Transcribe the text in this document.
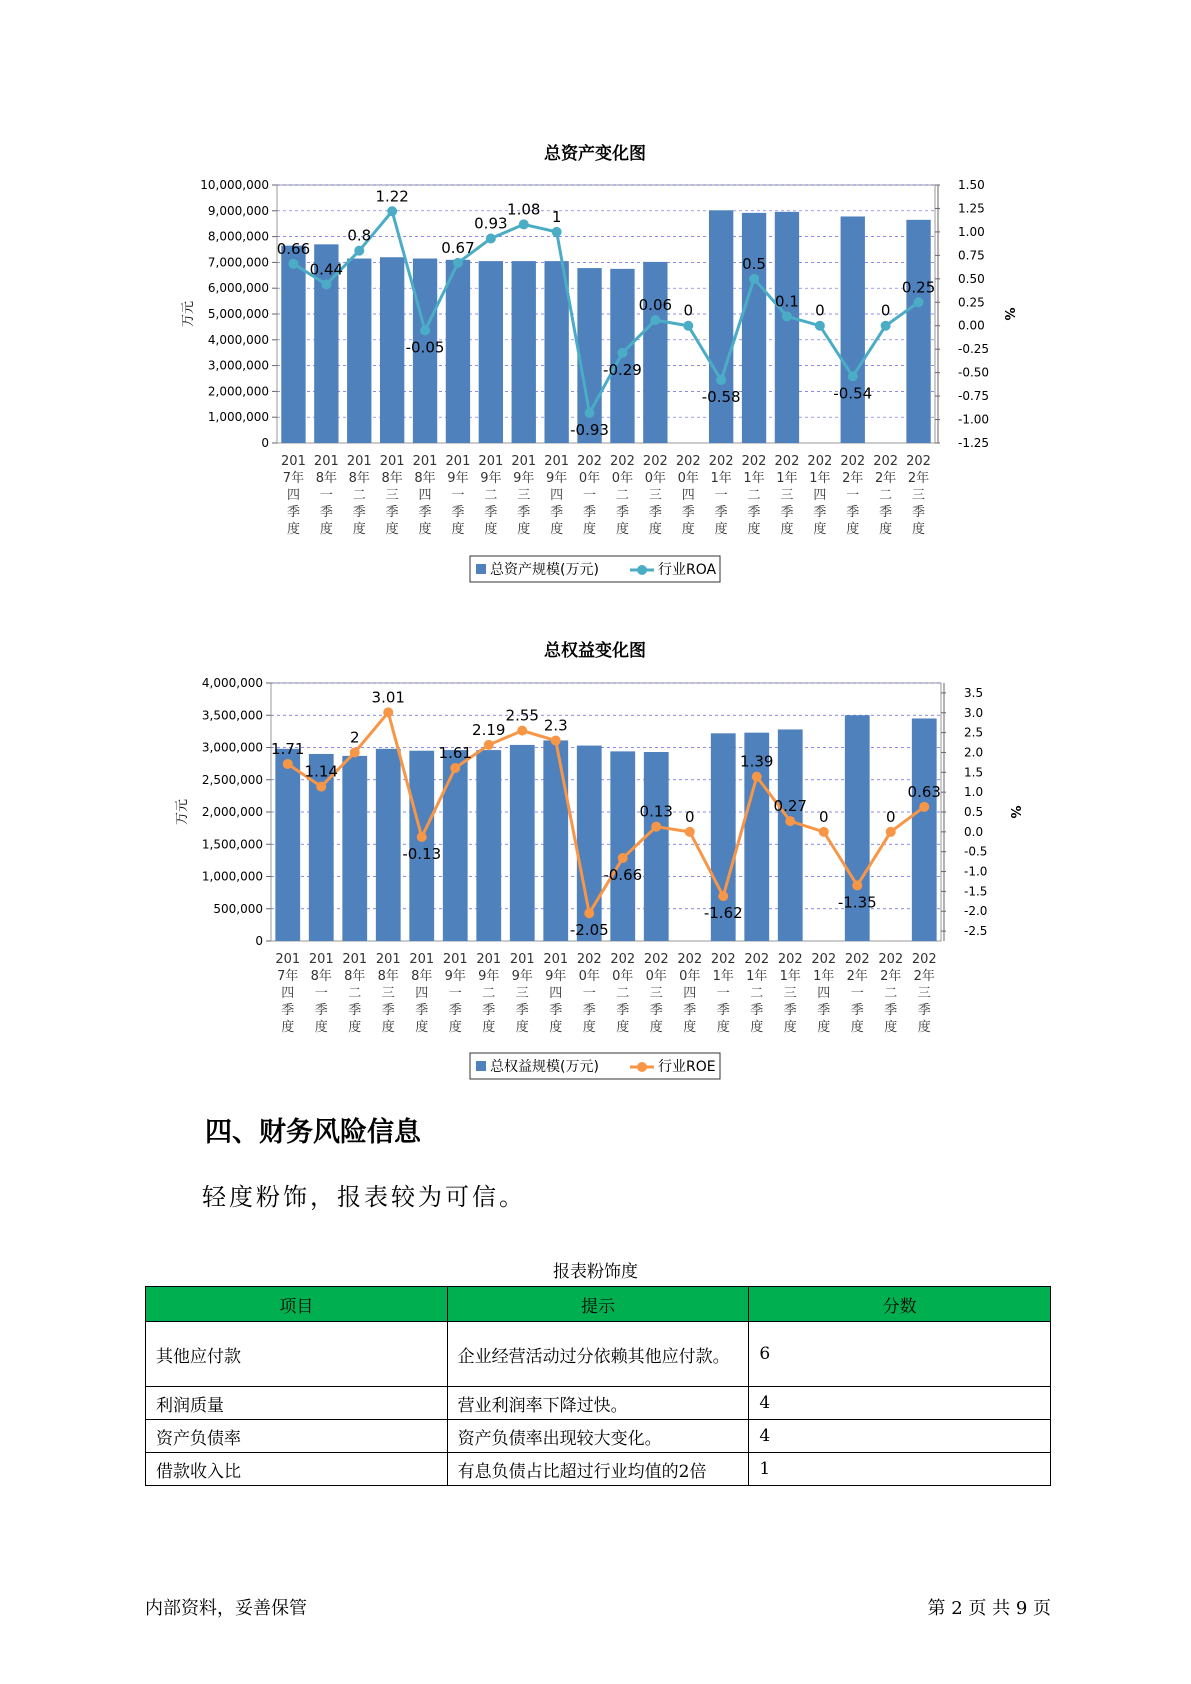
总资产变化图
0
1,000,000
2,000,000
3,000,000
4,000,000
5,000,000
6,000,000
7,000,000
8,000,000
9,000,000
10,000,000
-1.25
-1.00
-0.75
-0.50
-0.25
0.00
0.25
0.50
0.75
1.00
1.25
1.50
万元	%
201
7年
四
季
度
201
8年
一
季
度
201
8年
二
季
度
201
8年
三
季
度
201
8年
四
季
度
201
9年
一
季
度
201
9年
二
季
度
201
9年
三
季
度
201
9年
四
季
度
202
0年
一
季
度
202
0年
二
季
度
202
0年
三
季
度
202
0年
四
季
度
202
1年
一
季
度
202
1年
二
季
度
202
1年
三
季
度
202
1年
四
季
度
202
2年
一
季
度
202
2年
二
季
度
202
2年
三
季
度
0.66
0.44
0.8
1.22
-0.05
0.67
0.93
1.08 1
-0.93
-0.29
0.06 0
-0.58
0.5
0.1
0
-0.54
0
0.25
总资产规模(万元)	行业ROA
总权益变化图
0
500,000
1,000,000
1,500,000
2,000,000
2,500,000
3,000,000
3,500,000
4,000,000
-2.5
-2.0
-1.5
-1.0
-0.5
0.0
0.5
1.0
1.5
2.0
2.5
3.0
3.5
万元	%
201
7年
四
季
度
201
8年
一
季
度
201
8年
二
季
度
201
8年
三
季
度
201
8年
四
季
度
201
9年
一
季
度
201
9年
二
季
度
201
9年
三
季
度
201
9年
四
季
度
202
0年
一
季
度
202
0年
二
季
度
202
0年
三
季
度
202
0年
四
季
度
202
1年
一
季
度
202
1年
二
季
度
202
1年
三
季
度
202
1年
四
季
度
202
2年
一
季
度
202
2年
二
季
度
202
2年
三
季
度
1.71
1.14
2
3.01
-0.13
1.61
2.19
2.55
2.3
-2.05
-0.66
0.13 0
-1.62
1.39
0.27
0
-1.35
0
0.63
总权益规模(万元)	行业ROE
四、财务风险信息
轻度粉饰，报表较为可信。
报表粉饰度
项目	提示	分数
其他应付款	企业经营活动过分依赖其他应付款。	6
利润质量	营业利润率下降过快。	4
资产负债率	资产负债率出现较大变化。	4
借款收入比	有息负债占比超过行业均值的2倍	1
内部资料，妥善保管	第 2 页 共 9 页
